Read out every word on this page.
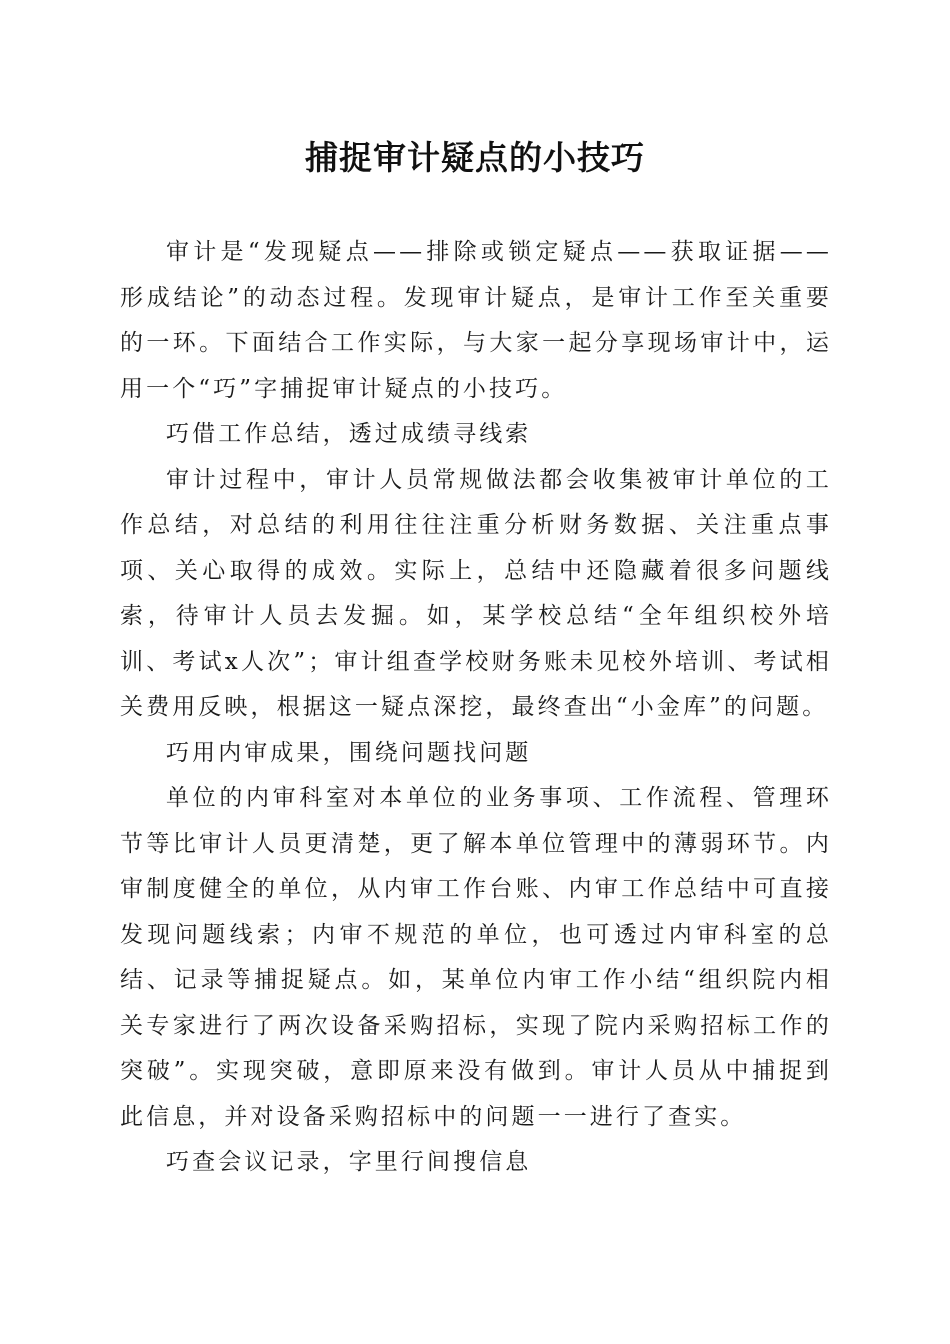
捕捉审计疑点的小技巧

审计是“发现疑点——排除或锁定疑点——获取证据——形成结论”的动态过程。发现审计疑点，是审计工作至关重要的一环。下面结合工作实际，与大家一起分享现场审计中，运用一个“巧”字捕捉审计疑点的小技巧。

巧借工作总结，透过成绩寻线索

审计过程中，审计人员常规做法都会收集被审计单位的工作总结，对总结的利用往往注重分析财务数据、关注重点事项、关心取得的成效。实际上，总结中还隐藏着很多问题线索，待审计人员去发掘。如，某学校总结“全年组织校外培训、考试x人次”；审计组查学校财务账未见校外培训、考试相关费用反映，根据这一疑点深挖，最终查出“小金库”的问题。

巧用内审成果，围绕问题找问题

单位的内审科室对本单位的业务事项、工作流程、管理环节等比审计人员更清楚，更了解本单位管理中的薄弱环节。内审制度健全的单位，从内审工作台账、内审工作总结中可直接发现问题线索；内审不规范的单位，也可透过内审科室的总结、记录等捕捉疑点。如，某单位内审工作小结“组织院内相关专家进行了两次设备采购招标，实现了院内采购招标工作的突破”。实现突破，意即原来没有做到。审计人员从中捕捉到此信息，并对设备采购招标中的问题一一进行了查实。

巧查会议记录，字里行间搜信息
